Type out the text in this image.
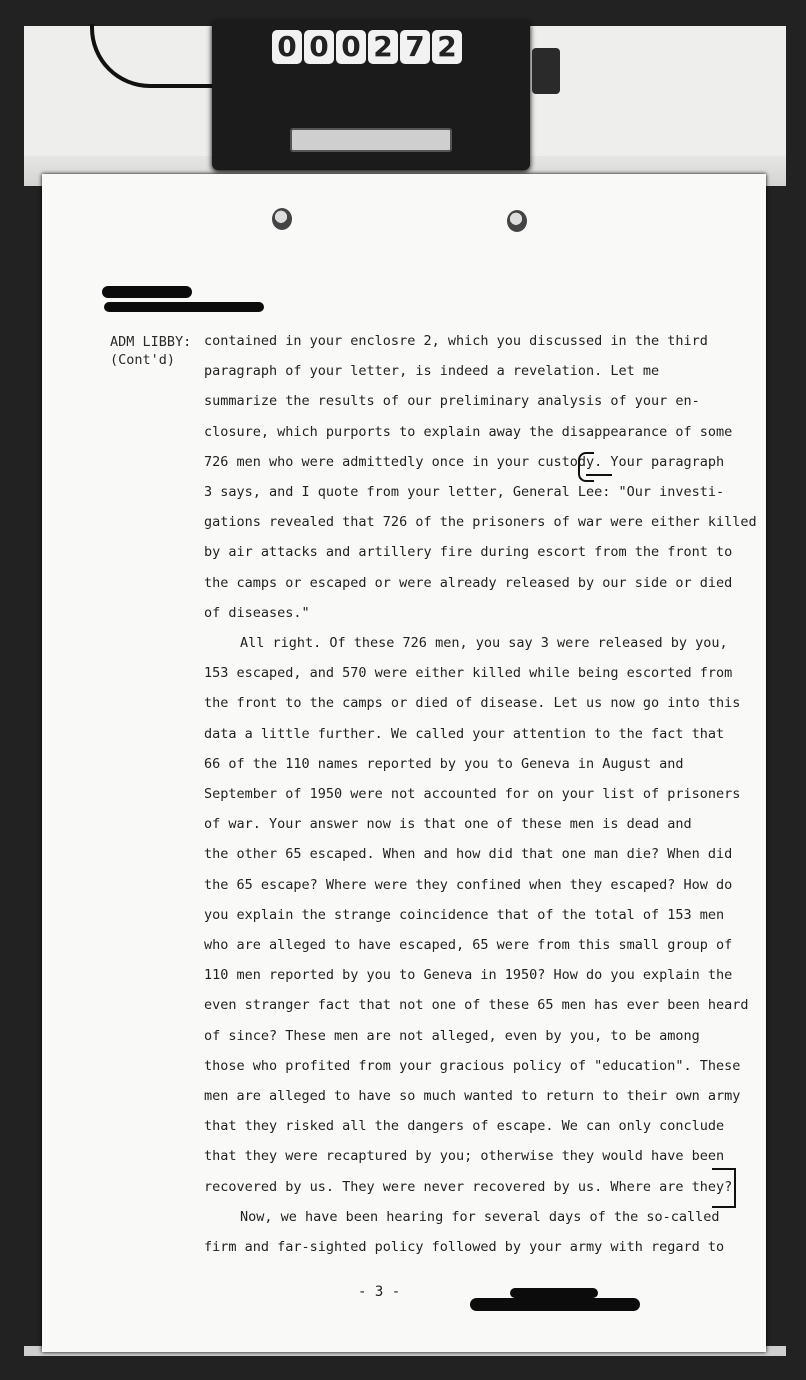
0 0 0 2 7 2
ADM LIBBY:
(Cont'd)
contained in your enclosre 2, which you discussed in the third
paragraph of your letter, is indeed a revelation. Let me
summarize the results of our preliminary analysis of your en-
closure, which purports to explain away the disappearance of some
726 men who were admittedly once in your custody. Your paragraph
3 says, and I quote from your letter, General Lee: "Our investi-
gations revealed that 726 of the prisoners of war were either killed
by air attacks and artillery fire during escort from the front to
the camps or escaped or were already released by our side or died
of diseases."
All right. Of these 726 men, you say 3 were released by you,
153 escaped, and 570 were either killed while being escorted from
the front to the camps or died of disease. Let us now go into this
data a little further. We called your attention to the fact that
66 of the 110 names reported by you to Geneva in August and
September of 1950 were not accounted for on your list of prisoners
of war. Your answer now is that one of these men is dead and
the other 65 escaped. When and how did that one man die? When did
the 65 escape? Where were they confined when they escaped? How do
you explain the strange coincidence that of the total of 153 men
who are alleged to have escaped, 65 were from this small group of
110 men reported by you to Geneva in 1950? How do you explain the
even stranger fact that not one of these 65 men has ever been heard
of since? These men are not alleged, even by you, to be among
those who profited from your gracious policy of "education". These
men are alleged to have so much wanted to return to their own army
that they risked all the dangers of escape. We can only conclude
that they were recaptured by you; otherwise they would have been
recovered by us. They were never recovered by us. Where are they?
Now, we have been hearing for several days of the so-called
firm and far-sighted policy followed by your army with regard to
- 3 -
